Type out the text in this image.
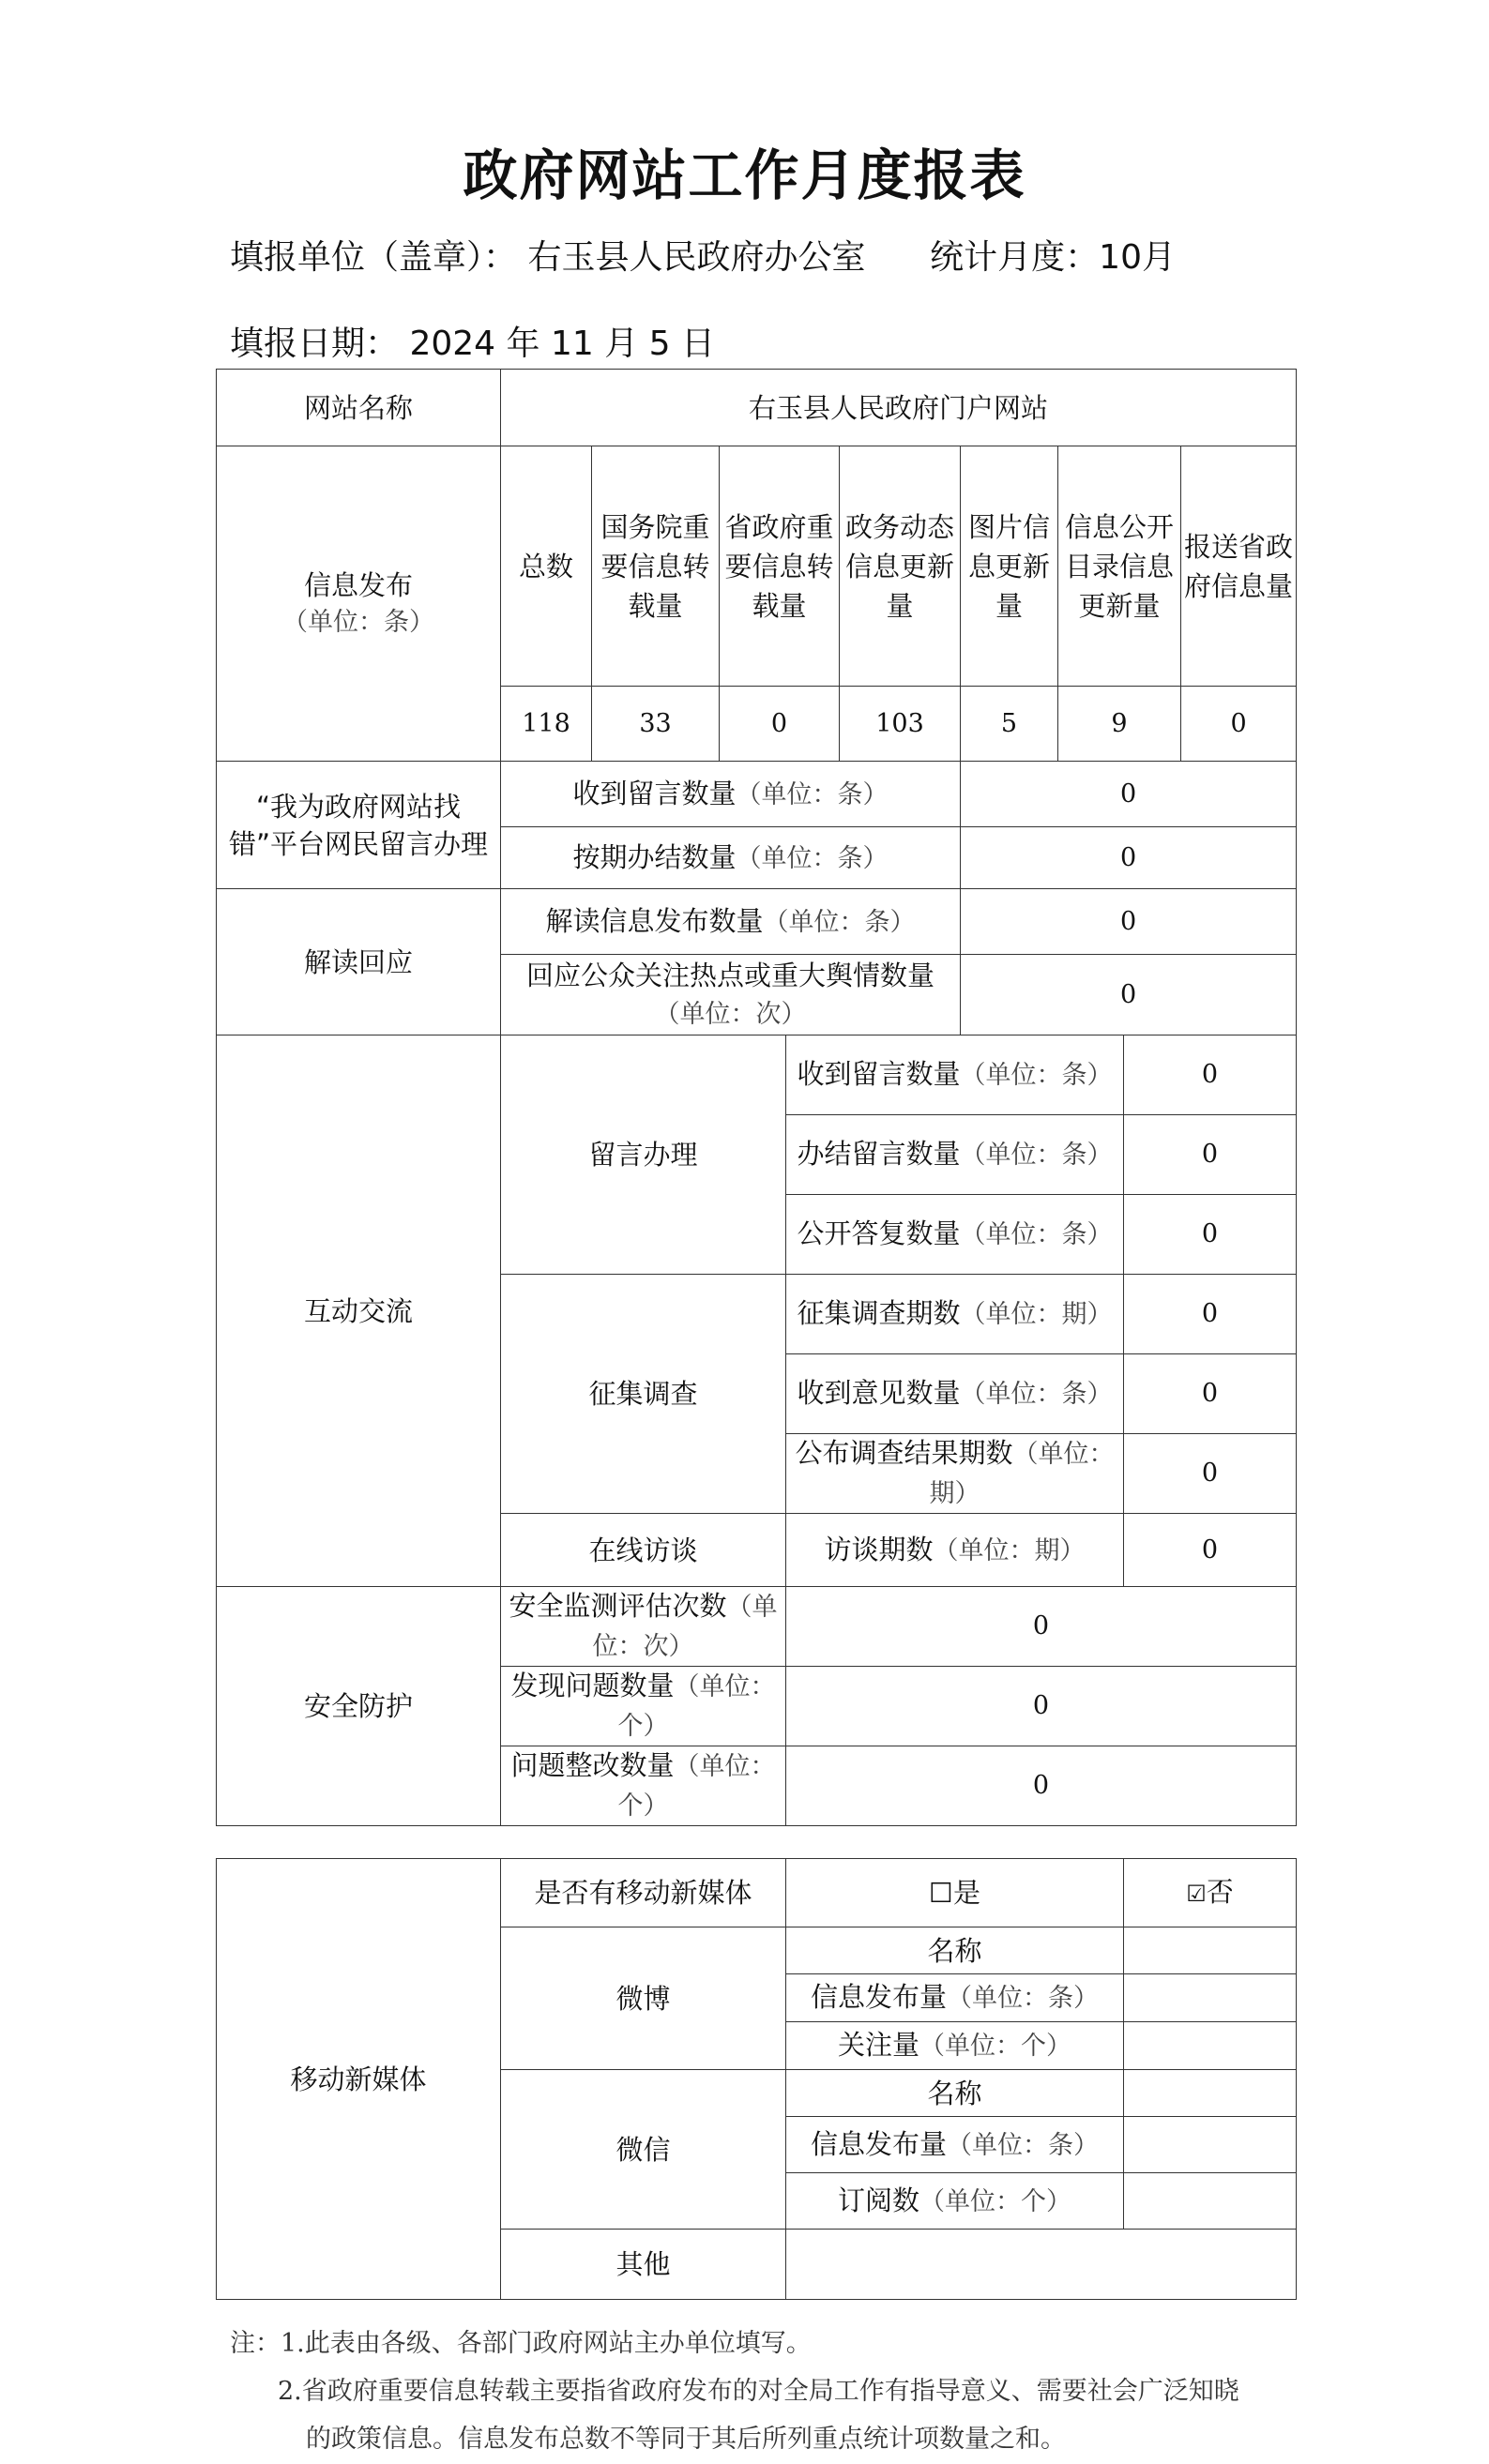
政府网站工作月度报表
填报单位（盖章）： 右玉县人民政府办公室 统计月度：10月
填报日期： 2024 年 11 月 5 日
网站名称	右玉县人民政府门户网站						

信息发布
（单位：条）	总数	国务院重要信息转载量	省政府重要信息转载量	政务动态信息更新量	图片信息更新量	信息公开目录信息更新量	报送省政府信息量
	118	33	0	103	5	9	0
“我为政府网站找错”平台网民留言办理	收到留言数量（单位：条）				0		
	按期办结数量（单位：条）				0		
解读回应	解读信息发布数量（单位：条）				0		
	回应公众关注热点或重大舆情数量（单位：次）				0		
互动交流	留言办理	收到留言数量（单位：条）	0
		办结留言数量（单位：条）	0
		公开答复数量（单位：条）	0
	征集调查	征集调查期数（单位：期）	0
		收到意见数量（单位：条）	0
		公布调查结果期数（单位：期）	0
	在线访谈	访谈期数（单位：期）	0
安全防护	安全监测评估次数（单位：次）	0	
	发现问题数量（单位：个）	0	
	问题整改数量（单位：个）	0	
移动新媒体	是否有移动新媒体	☐是	☑否
	微博	名称	
		信息发布量（单位：条）	
		关注量（单位：个）	
	微信	名称	
		信息发布量（单位：条）	
		订阅数（单位：个）	
	其他		
注：1.此表由各级、各部门政府网站主办单位填写。
2.省政府重要信息转载主要指省政府发布的对全局工作有指导意义、需要社会广泛知晓
的政策信息。信息发布总数不等同于其后所列重点统计项数量之和。
